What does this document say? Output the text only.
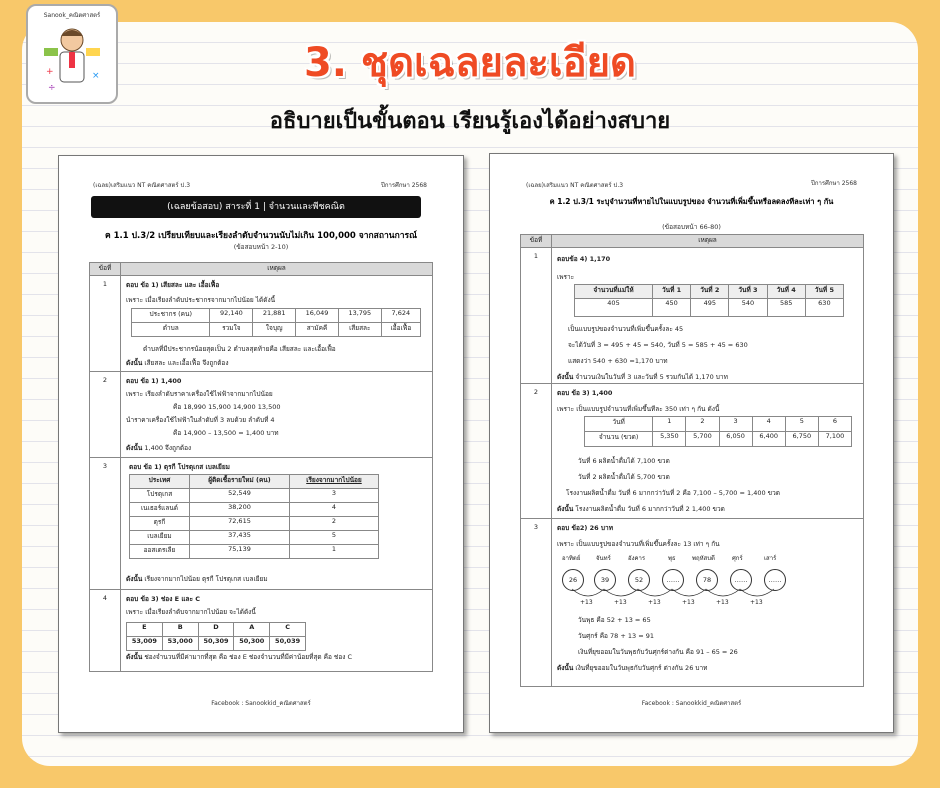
Sanook_คณิตศาสตร์
+	×
÷
3. ชุดเฉลยละเอียด
อธิบายเป็นขั้นตอน เรียนรู้เองได้อย่างสบาย
(เฉลย)เสริมแนว NT คณิตศาสตร์ ป.3	ปีการศึกษา 2568
(เฉลยข้อสอบ) สาระที่ 1 | จำนวนและพีชคณิต
ค 1.1 ป.3/2 เปรียบเทียบและเรียงลำดับจำนวนนับไม่เกิน 100,000 จากสถานการณ์
(ข้อสอบหน้า 2-10)
ข้อที่	เหตุผล
1	ตอบ ข้อ 1) เสียสละ และ เอื้อเฟื้อ
เพราะ เมื่อเรียงลำดับประชากรจากมากไปน้อย ได้ดังนี้
ประชากร (คน)	92,140	21,881	16,049	13,795	7,624
ตำบล	รวมใจ	ใจบุญ	สามัคคี	เสียสละ	เอื้อเฟื้อ
ตำบลที่มีประชากรน้อยสุดเป็น 2 ตำบลสุดท้ายคือ เสียสละ และเอื้อเฟื้อ
ดังนั้น เสียสละ และเอื้อเฟื้อ จึงถูกต้อง

2	ตอบ ข้อ 1) 1,400
เพราะ เรียงลำดับราคาเครื่องใช้ไฟฟ้าจากมากไปน้อย
คือ 18,990 15,900 14,900 13,500
นำราคาเครื่องใช้ไฟฟ้าในลำดับที่ 3 ลบด้วย ลำดับที่ 4
คือ 14,900 – 13,500 = 1,400 บาท
ดังนั้น 1,400 จึงถูกต้อง

3	ตอบ ข้อ 1) ตุรกี โปรตุเกส เบลเยียม
ประเทศ	ผู้ติดเชื้อรายใหม่ (คน)	เรียงจากมากไปน้อย
โปรตุเกส	52,549	3
เนเธอร์แลนด์	38,200	4
ตุรกี	72,615	2
เบลเยียม	37,435	5
ออสเตรเลีย	75,139	1
ดังนั้น เรียงจากมากไปน้อย ตุรกี โปรตุเกส เบลเยียม

4	ตอบ ข้อ 3) ช่อง E และ C
เพราะ เมื่อเรียงลำดับจากมากไปน้อย จะได้ดังนี้
E	B	D	A	C
53,009	53,000	50,309	50,300	50,039
ดังนั้น ช่องจำนวนที่มีค่ามากที่สุด คือ ช่อง E ช่องจำนวนที่มีค่าน้อยที่สุด คือ ช่อง C
Facebook : Sanookkid_คณิตศาสตร์
(เฉลย)เสริมแนว NT คณิตศาสตร์ ป.3	ปีการศึกษา 2568
ค 1.2 ป.3/1 ระบุจำนวนที่หายไปในแบบรูปของ จำนวนที่เพิ่มขึ้นหรือลดลงทีละเท่า ๆ กัน
(ข้อสอบหน้า 66-80)
ข้อที่	เหตุผล
1	ตอบข้อ 4) 1,170
เพราะ
จำนวนที่แม่ให้	วันที่ 1	วันที่ 2	วันที่ 3	วันที่ 4	วันที่ 5
405	450	495	540	585	630
เป็นแบบรูปของจำนวนที่เพิ่มขึ้นครั้งละ 45
จะได้วันที่ 3 = 495 + 45 = 540, วันที่ 5 = 585 + 45 = 630
แสดงว่า 540 + 630 =1,170 บาท
ดังนั้น จำนวนเงินในวันที่ 3 และวันที่ 5 รวมกันได้ 1,170 บาท

2	ตอบ ข้อ 3) 1,400
เพราะ เป็นแบบรูปจำนวนที่เพิ่มขึ้นทีละ 350 เท่า ๆ กัน ดังนี้
วันที่	1	2	3	4	5	6
จำนวน (ขวด)	5,350	5,700	6,050	6,400	6,750	7,100
วันที่ 6 ผลิตน้ำดื่มได้ 7,100 ขวด
วันที่ 2 ผลิตน้ำดื่มได้ 5,700 ขวด
โรงงานผลิตน้ำดื่ม วันที่ 6 มากกว่าวันที่ 2 คือ 7,100 – 5,700 = 1,400 ขวด
ดังนั้น โรงงานผลิตน้ำดื่ม วันที่ 6 มากกว่าวันที่ 2 1,400 ขวด

3	ตอบ ข้อ2) 26 บาท
เพราะ เป็นแบบรูปของจำนวนที่เพิ่มขึ้นครั้งละ 13 เท่า ๆ กัน
อาทิตย์	จันทร์	อังคาร	พุธ	พฤหัสบดี	ศุกร์	เสาร์
26	39	52	……	78	……	……
+13	+13	+13	+13	+13	+13
วันพุธ คือ 52 + 13 = 65
วันศุกร์ คือ 78 + 13 = 91
เงินที่ยุขออมในวันพุธกับวันศุกร์ต่างกัน คือ 91 – 65 = 26
ดังนั้น เงินที่ยุขออมในวันพุธกับวันศุกร์ ต่างกัน 26 บาท
Facebook : Sanookkid_คณิตศาสตร์
